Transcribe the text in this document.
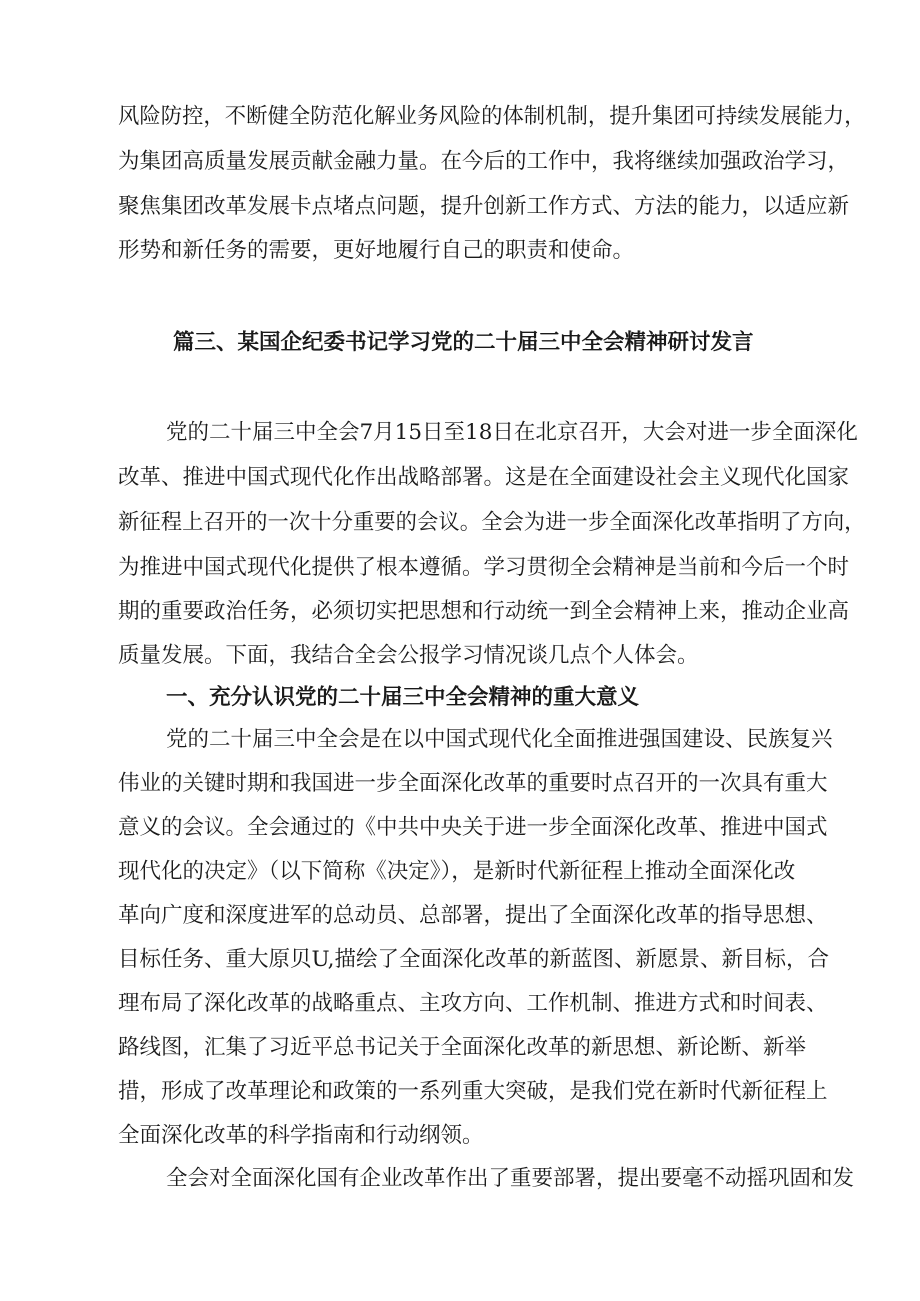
风险防控，不断健全防范化解业务风险的体制机制，提升集团可持续发展能力，
为集团高质量发展贡献金融力量。在今后的工作中，我将继续加强政治学习，
聚焦集团改革发展卡点堵点问题，提升创新工作方式、方法的能力，以适应新
形势和新任务的需要，更好地履行自己的职责和使命。
篇三、某国企纪委书记学习党的二十届三中全会精神研讨发言
党的二十届三中全会7月15日至18日在北京召开，大会对进一步全面深化
改革、推进中国式现代化作出战略部署。这是在全面建设社会主义现代化国家
新征程上召开的一次十分重要的会议。全会为进一步全面深化改革指明了方向，
为推进中国式现代化提供了根本遵循。学习贯彻全会精神是当前和今后一个时
期的重要政治任务，必须切实把思想和行动统一到全会精神上来，推动企业高
质量发展。下面，我结合全会公报学习情况谈几点个人体会。
一、充分认识党的二十届三中全会精神的重大意义
党的二十届三中全会是在以中国式现代化全面推进强国建设、民族复兴
伟业的关键时期和我国进一步全面深化改革的重要时点召开的一次具有重大
意义的会议。全会通过的《中共中央关于进一步全面深化改革、推进中国式
现代化的决定》（以下简称《决定》），是新时代新征程上推动全面深化改
革向广度和深度进军的总动员、总部署，提出了全面深化改革的指导思想、
目标任务、重大原贝U,描绘了全面深化改革的新蓝图、新愿景、新目标，合
理布局了深化改革的战略重点、主攻方向、工作机制、推进方式和时间表、
路线图，汇集了习近平总书记关于全面深化改革的新思想、新论断、新举
措，形成了改革理论和政策的一系列重大突破，是我们党在新时代新征程上
全面深化改革的科学指南和行动纲领。
全会对全面深化国有企业改革作出了重要部署，提出要毫不动摇巩固和发
